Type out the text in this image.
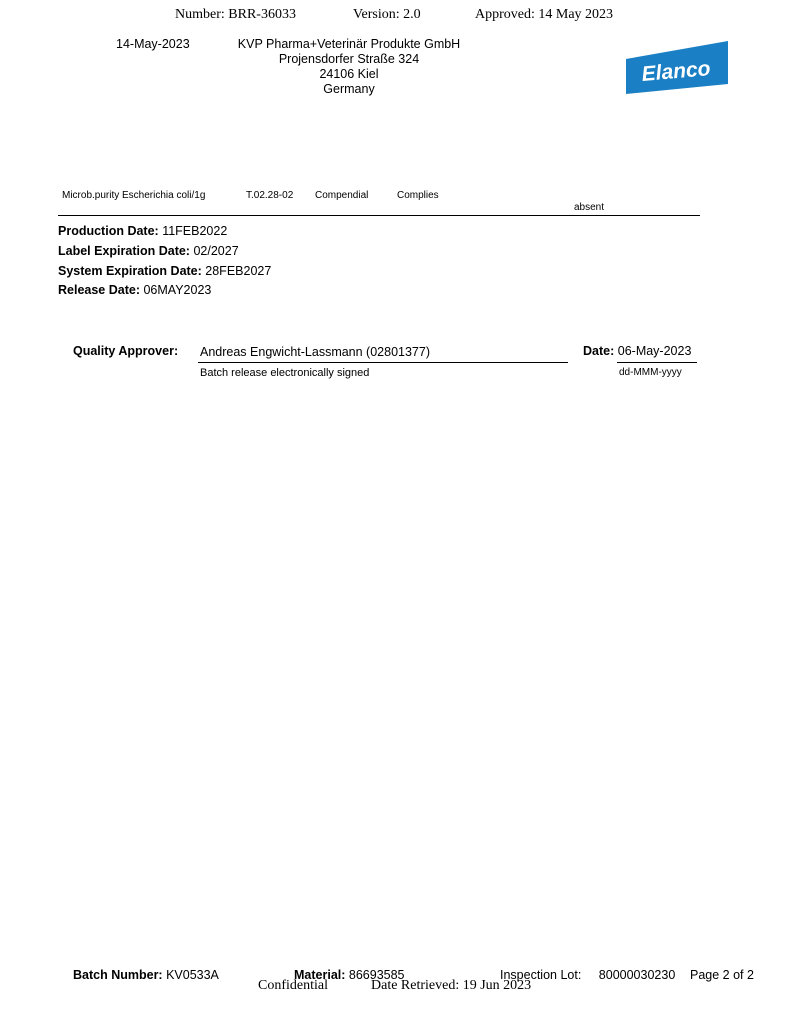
Number: BRR-36033	Version: 2.0	Approved: 14 May 2023
14-May-2023	KVP Pharma+Veterinär Produkte GmbH
Projensdorfer Straße 324
24106 Kiel
Germany
Elanco
Microb.purity Escherichia coli/1g	T.02.28-02 Compendial	Complies
absent
Production Date: 11FEB2022
Label Expiration Date: 02/2027
System Expiration Date: 28FEB2027
Release Date: 06MAY2023
Quality Approver: Andreas Engwicht-Lassmann (02801377)
Batch release electronically signed
Date: 06-May-2023
dd-MMM-yyyy
Batch Number: KV0533A	Material: 86693585	Inspection Lot: 80000030230 Page 2 of 2
Confidential	Date Retrieved: 19 Jun 2023
